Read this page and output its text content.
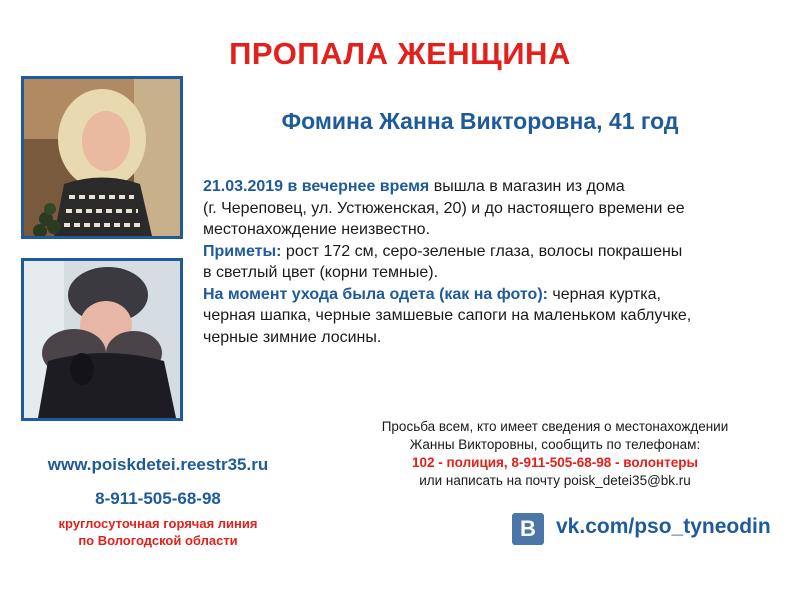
ПРОПАЛА ЖЕНЩИНА
Фомина Жанна Викторовна, 41 год

21.03.2019 в вечернее время вышла в магазин из дома

(г. Череповец, ул. Устюженская, 20) и до настоящего времени ее

местонахождение неизвестно.

Приметы: рост 172 см, серо-зеленые глаза, волосы покрашены

в светлый цвет (корни темные).

На момент ухода была одета (как на фото): черная куртка,

черная шапка, черные замшевые сапоги на маленьком каблучке,

черные зимние лосины.

Просьба всем, кто имеет сведения о местонахождении
Жанны Викторовны, сообщить по телефонам:
102 - полиция, 8-911-505-68-98 - волонтеры
или написать на почту poisk_detei35@bk.ru
www.poiskdetei.reestr35.ru
8-911-505-68-98
круглосуточная горячая линия
по Вологодской области	В vk.com/pso_tyneodin
